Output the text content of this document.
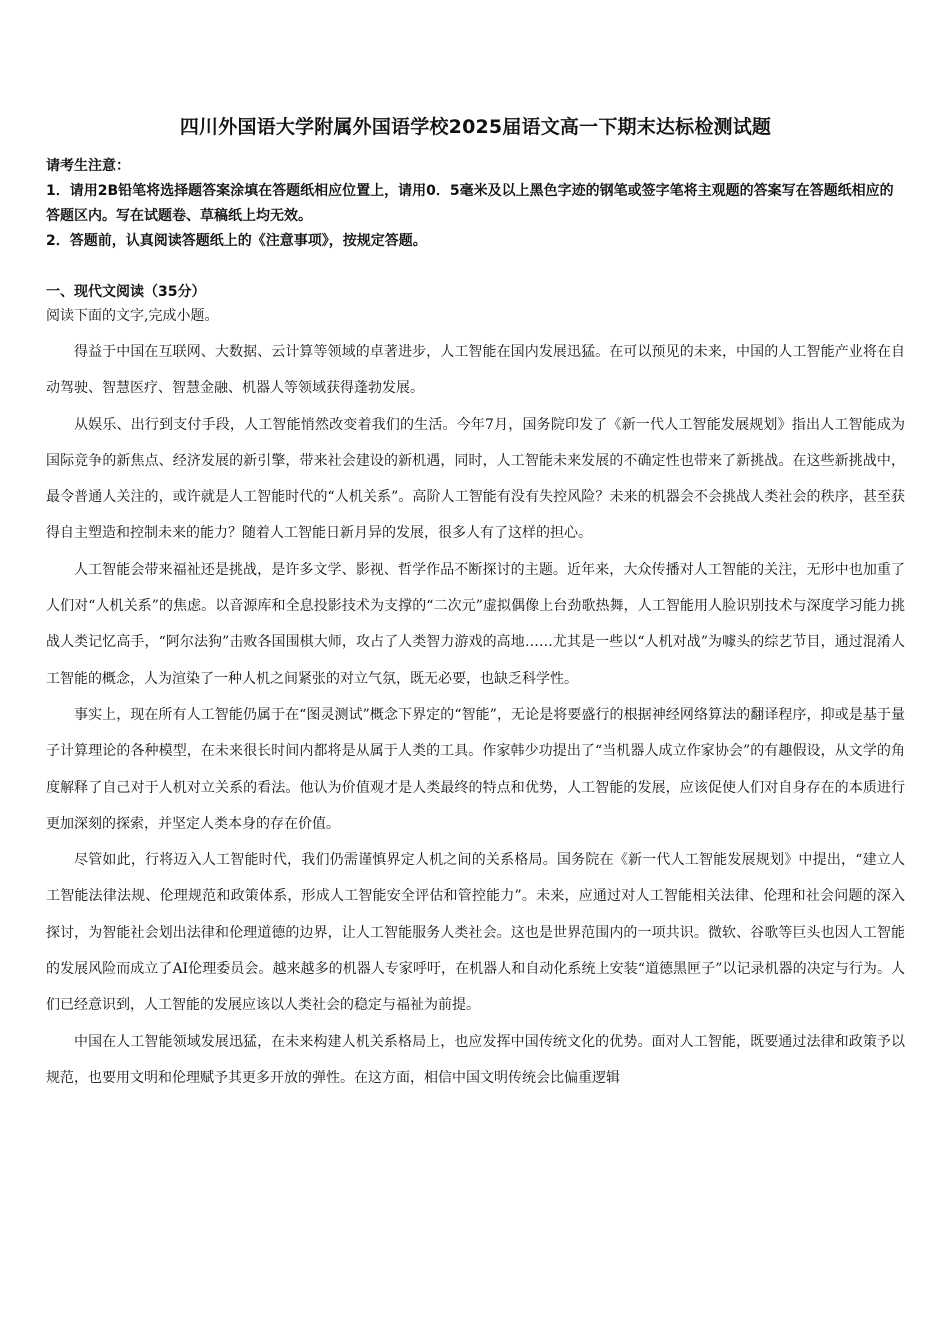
四川外国语大学附属外国语学校2025届语文高一下期末达标检测试题
请考生注意：
1．请用2B铅笔将选择题答案涂填在答题纸相应位置上，请用0．5毫米及以上黑色字迹的钢笔或签字笔将主观题的答案写在答题纸相应的答题区内。写在试题卷、草稿纸上均无效。
2．答题前，认真阅读答题纸上的《注意事项》，按规定答题。
一、现代文阅读（35分）
阅读下面的文字,完成小题。

得益于中国在互联网、大数据、云计算等领域的卓著进步，人工智能在国内发展迅猛。在可以预见的未来，中国的人工智能产业将在自动驾驶、智慧医疗、智慧金融、机器人等领域获得蓬勃发展。

从娱乐、出行到支付手段，人工智能悄然改变着我们的生活。今年7月，国务院印发了《新一代人工智能发展规划》指出人工智能成为国际竞争的新焦点、经济发展的新引擎，带来社会建设的新机遇，同时，人工智能未来发展的不确定性也带来了新挑战。在这些新挑战中，最令普通人关注的，或许就是人工智能时代的“人机关系”。高阶人工智能有没有失控风险？未来的机器会不会挑战人类社会的秩序，甚至获得自主塑造和控制未来的能力？随着人工智能日新月异的发展，很多人有了这样的担心。

人工智能会带来福祉还是挑战，是许多文学、影视、哲学作品不断探讨的主题。近年来，大众传播对人工智能的关注，无形中也加重了人们对“人机关系”的焦虑。以音源库和全息投影技术为支撑的“二次元”虚拟偶像上台劲歌热舞，人工智能用人脸识别技术与深度学习能力挑战人类记忆高手，“阿尔法狗”击败各国围棋大师，攻占了人类智力游戏的高地……尤其是一些以“人机对战”为噱头的综艺节目，通过混淆人工智能的概念，人为渲染了一种人机之间紧张的对立气氛，既无必要，也缺乏科学性。

事实上，现在所有人工智能仍属于在“图灵测试”概念下界定的“智能”，无论是将要盛行的根据神经网络算法的翻译程序，抑或是基于量子计算理论的各种模型，在未来很长时间内都将是从属于人类的工具。作家韩少功提出了“当机器人成立作家协会”的有趣假设，从文学的角度解释了自己对于人机对立关系的看法。他认为价值观才是人类最终的特点和优势，人工智能的发展，应该促使人们对自身存在的本质进行更加深刻的探索，并坚定人类本身的存在价值。

尽管如此，行将迈入人工智能时代，我们仍需谨慎界定人机之间的关系格局。国务院在《新一代人工智能发展规划》中提出，“建立人工智能法律法规、伦理规范和政策体系，形成人工智能安全评估和管控能力”。未来，应通过对人工智能相关法律、伦理和社会问题的深入探讨，为智能社会划出法律和伦理道德的边界，让人工智能服务人类社会。这也是世界范围内的一项共识。微软、谷歌等巨头也因人工智能的发展风险而成立了AI伦理委员会。越来越多的机器人专家呼吁，在机器人和自动化系统上安装“道德黑匣子”以记录机器的决定与行为。人们已经意识到，人工智能的发展应该以人类社会的稳定与福祉为前提。

中国在人工智能领域发展迅猛，在未来构建人机关系格局上，也应发挥中国传统文化的优势。面对人工智能，既要通过法律和政策予以规范，也要用文明和伦理赋予其更多开放的弹性。在这方面，相信中国文明传统会比偏重逻辑
